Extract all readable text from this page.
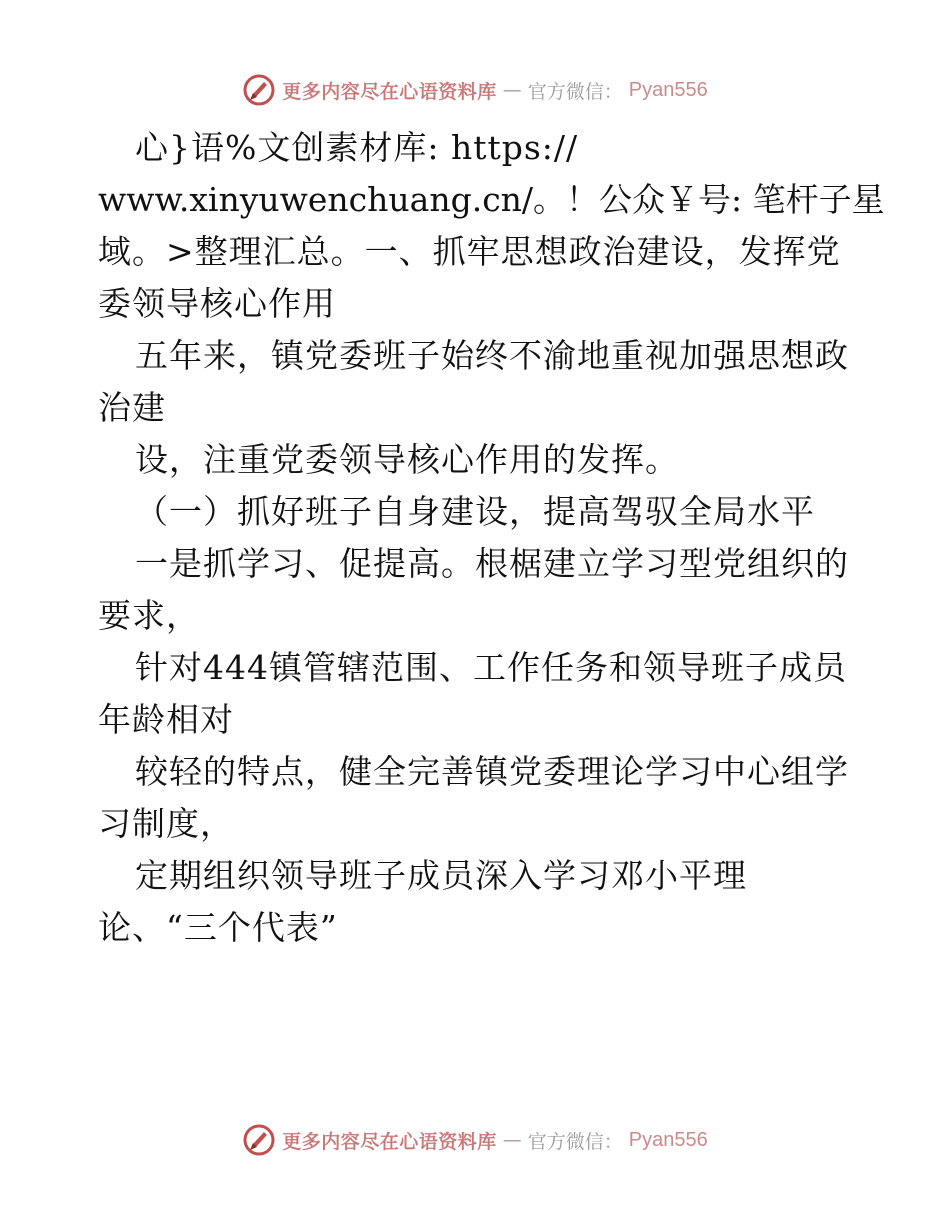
更多内容尽在心语资料库 — 官方微信： Pyan556
心}语%文创素材库: https://
www.xinyuwenchuang.cn/。！公众￥号: 笔杆子星
域。>整理汇总。一、抓牢思想政治建设，发挥党
委领导核心作用
五年来，镇党委班子始终不渝地重视加强思想政
治建
设，注重党委领导核心作用的发挥。
（一）抓好班子自身建设，提高驾驭全局水平
一是抓学习、促提高。根椐建立学习型党组织的
要求，
针对444镇管辖范围、工作任务和领导班子成员
年龄相对
较轻的特点，健全完善镇党委理论学习中心组学
习制度，
定期组织领导班子成员深入学习邓小平理
论、“三个代表”
更多内容尽在心语资料库 — 官方微信： Pyan556
